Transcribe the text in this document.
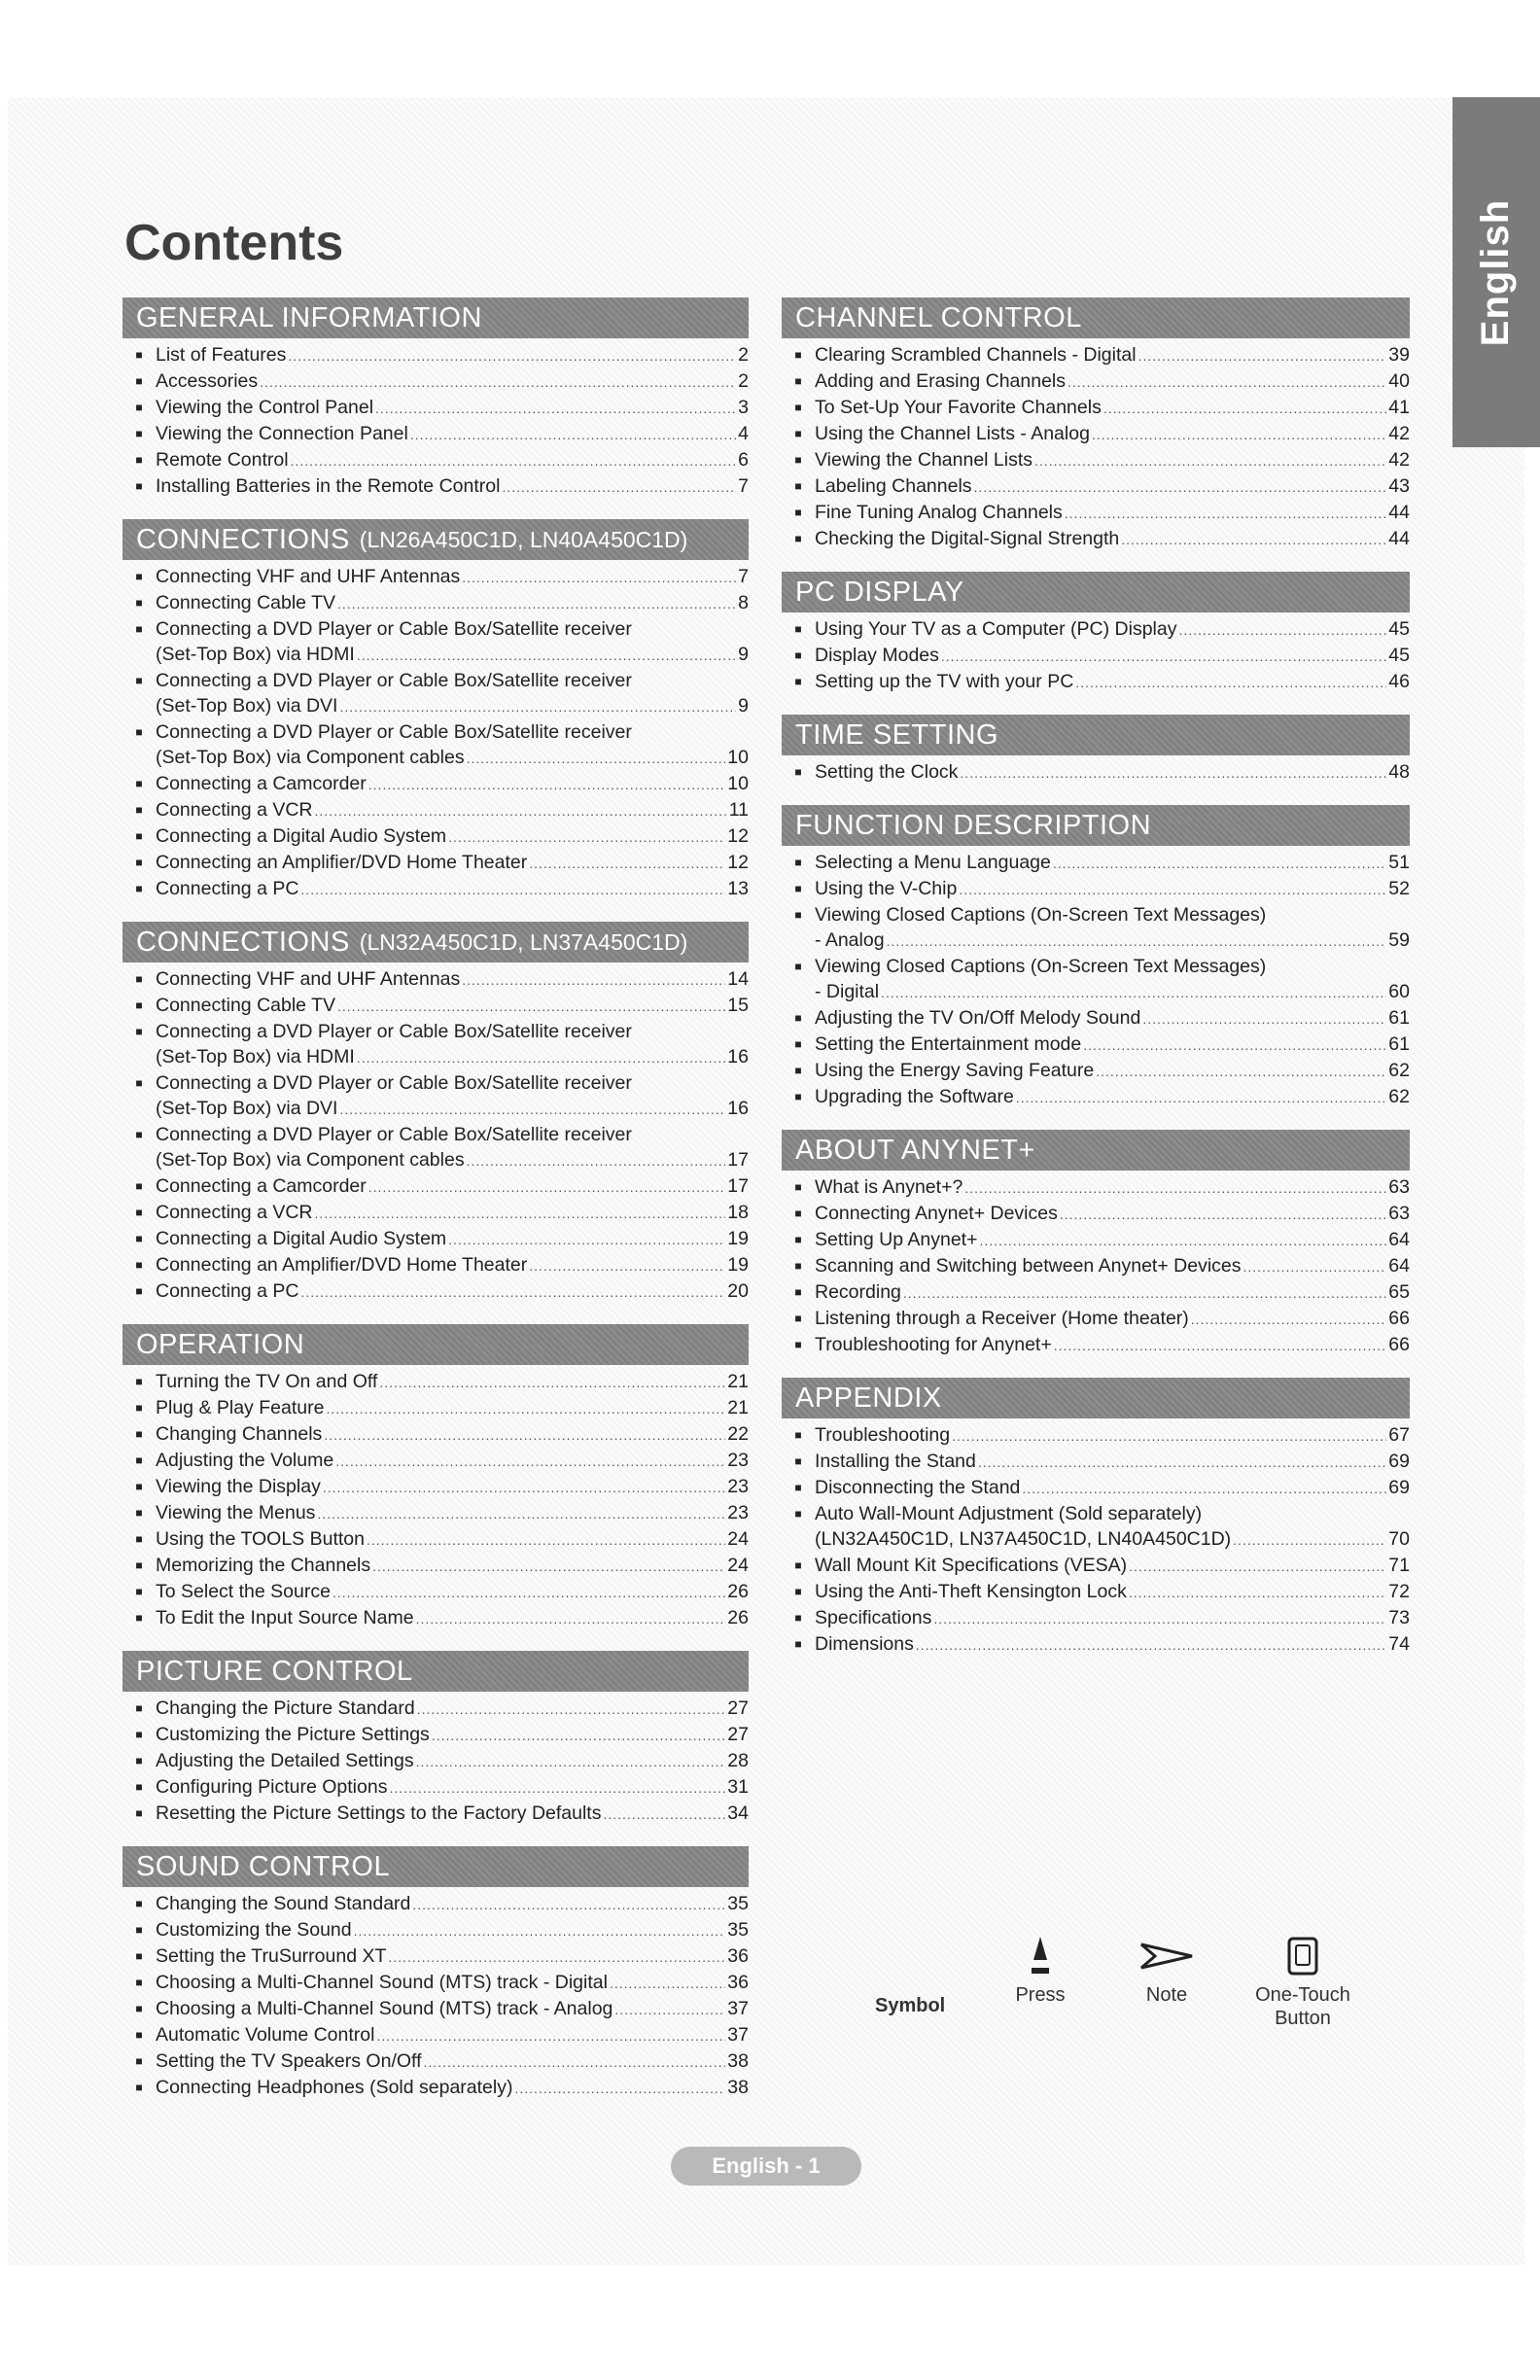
English
Contents
GENERAL INFORMATION
■ List of Features .....	2
■ Accessories .....	2
■ Viewing the Control Panel .....	3
■ Viewing the Connection Panel .....	4
■ Remote Control .....	6
■ Installing Batteries in the Remote Control .....	7
CONNECTIONS (LN26A450C1D, LN40A450C1D)
■ Connecting VHF and UHF Antennas .....	7
■ Connecting Cable TV .....	8
■ Connecting a DVD Player or Cable Box/Satellite receiver
(Set-Top Box) via HDMI .....	9
■ Connecting a DVD Player or Cable Box/Satellite receiver
(Set-Top Box) via DVI .....	9
■ Connecting a DVD Player or Cable Box/Satellite receiver
(Set-Top Box) via Component cables .....	10
■ Connecting a Camcorder .....	10
■ Connecting a VCR .....	11
■ Connecting a Digital Audio System .....	12
■ Connecting an Amplifier/DVD Home Theater .....	12
■ Connecting a PC .....	13
CONNECTIONS (LN32A450C1D, LN37A450C1D)
■ Connecting VHF and UHF Antennas .....	14
■ Connecting Cable TV .....	15
■ Connecting a DVD Player or Cable Box/Satellite receiver
(Set-Top Box) via HDMI .....	16
■ Connecting a DVD Player or Cable Box/Satellite receiver
(Set-Top Box) via DVI .....	16
■ Connecting a DVD Player or Cable Box/Satellite receiver
(Set-Top Box) via Component cables .....	17
■ Connecting a Camcorder .....	17
■ Connecting a VCR .....	18
■ Connecting a Digital Audio System .....	19
■ Connecting an Amplifier/DVD Home Theater .....	19
■ Connecting a PC .....	20
OPERATION
■ Turning the TV On and Off .....	21
■ Plug & Play Feature .....	21
■ Changing Channels .....	22
■ Adjusting the Volume .....	23
■ Viewing the Display .....	23
■ Viewing the Menus .....	23
■ Using the TOOLS Button .....	24
■ Memorizing the Channels .....	24
■ To Select the Source .....	26
■ To Edit the Input Source Name .....	26
PICTURE CONTROL
■ Changing the Picture Standard .....	27
■ Customizing the Picture Settings .....	27
■ Adjusting the Detailed Settings .....	28
■ Configuring Picture Options .....	31
■ Resetting the Picture Settings to the Factory Defaults .....	34
SOUND CONTROL
■ Changing the Sound Standard .....	35
■ Customizing the Sound .....	35
■ Setting the TruSurround XT .....	36
■ Choosing a Multi-Channel Sound (MTS) track - Digital .....	36
■ Choosing a Multi-Channel Sound (MTS) track - Analog .....	37
■ Automatic Volume Control .....	37
■ Setting the TV Speakers On/Off .....	38
■ Connecting Headphones (Sold separately) .....	38
CHANNEL CONTROL
■ Clearing Scrambled Channels - Digital .....	39
■ Adding and Erasing Channels .....	40
■ To Set-Up Your Favorite Channels .....	41
■ Using the Channel Lists - Analog .....	42
■ Viewing the Channel Lists .....	42
■ Labeling Channels .....	43
■ Fine Tuning Analog Channels .....	44
■ Checking the Digital-Signal Strength .....	44
PC DISPLAY
■ Using Your TV as a Computer (PC) Display .....	45
■ Display Modes .....	45
■ Setting up the TV with your PC .....	46
TIME SETTING
■ Setting the Clock .....	48
FUNCTION DESCRIPTION
■ Selecting a Menu Language .....	51
■ Using the V-Chip .....	52
■ Viewing Closed Captions (On-Screen Text Messages)
- Analog .....	59
■ Viewing Closed Captions (On-Screen Text Messages)
- Digital .....	60
■ Adjusting the TV On/Off Melody Sound .....	61
■ Setting the Entertainment mode .....	61
■ Using the Energy Saving Feature .....	62
■ Upgrading the Software .....	62
ABOUT ANYNET+
■ What is Anynet+? .....	63
■ Connecting Anynet+ Devices .....	63
■ Setting Up Anynet+ .....	64
■ Scanning and Switching between Anynet+ Devices .....	64
■ Recording .....	65
■ Listening through a Receiver (Home theater) .....	66
■ Troubleshooting for Anynet+ .....	66
APPENDIX
■ Troubleshooting .....	67
■ Installing the Stand .....	69
■ Disconnecting the Stand .....	69
■ Auto Wall-Mount Adjustment (Sold separately)
(LN32A450C1D, LN37A450C1D, LN40A450C1D) .....	70
■ Wall Mount Kit Specifications (VESA) .....	71
■ Using the Anti-Theft Kensington Lock .....	72
■ Specifications .....	73
■ Dimensions .....	74
Symbol	Press	Note	One-Touch
Button
English - 1
